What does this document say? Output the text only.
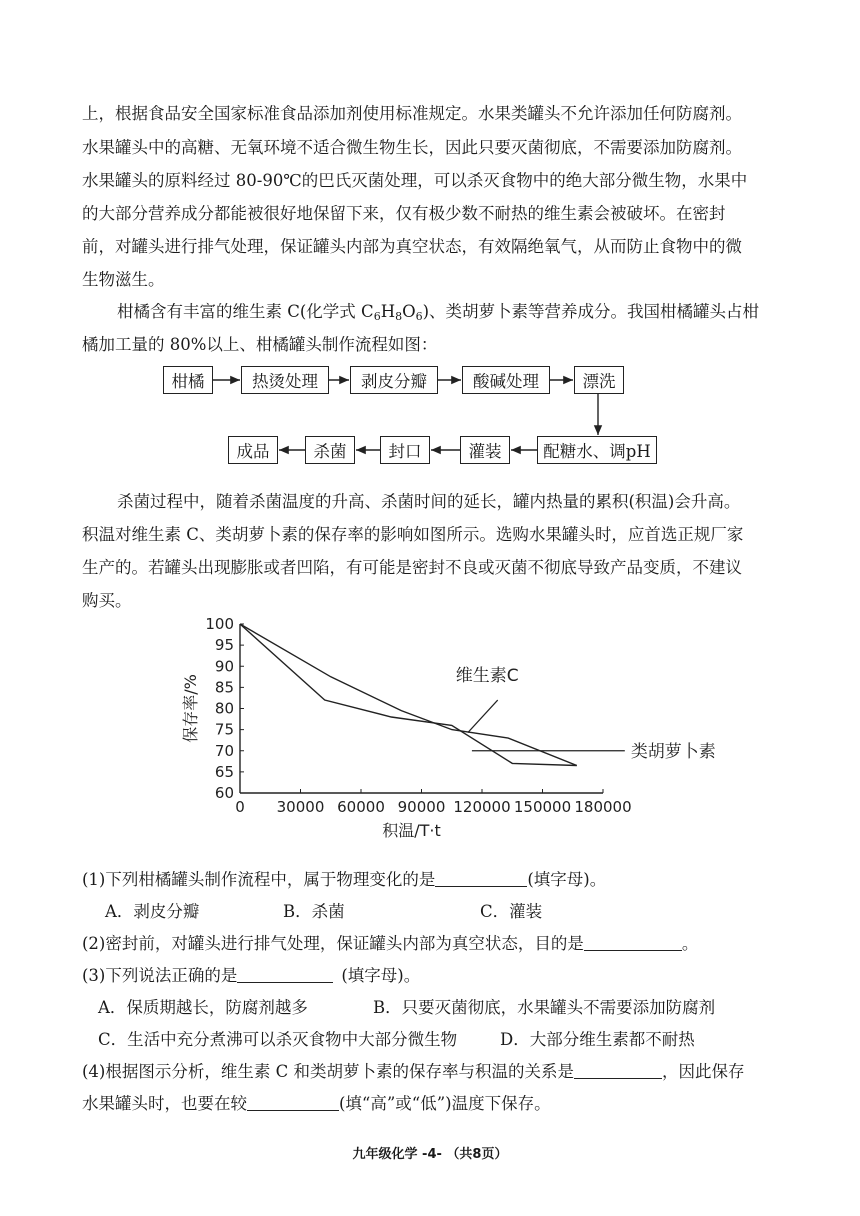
上，根据食品安全国家标准食品添加剂使用标准规定。水果类罐头不允许添加任何防腐剂。
水果罐头中的高糖、无氧环境不适合微生物生长，因此只要灭菌彻底，不需要添加防腐剂。
水果罐头的原料经过 80-90℃的巴氏灭菌处理，可以杀灭食物中的绝大部分微生物，水果中
的大部分营养成分都能被很好地保留下来，仅有极少数不耐热的维生素会被破坏。在密封
前，对罐头进行排气处理，保证罐头内部为真空状态，有效隔绝氧气，从而防止食物中的微
生物滋生。
柑橘含有丰富的维生素 C(化学式 $C_6H_8O_6$)、类胡萝卜素等营养成分。我国柑橘罐头占柑
橘加工量的 80%以上、柑橘罐头制作流程如图：
柑橘	热烫处理	剥皮分瓣	酸碱处理	漂洗
成品	杀菌	封口	灌装	配糖水、调pH
杀菌过程中，随着杀菌温度的升高、杀菌时间的延长，罐内热量的累积(积温)会升高。
积温对维生素 C、类胡萝卜素的保存率的影响如图所示。选购水果罐头时，应首选正规厂家
生产的。若罐头出现膨胀或者凹陷，有可能是密封不良或灭菌不彻底导致产品变质，不建议
购买。
60
65
70
75
80
85
90
95
100
0 30000 60000 90000 120000 150000 180000
保存率/%
积温/T·t
维生素C
类胡萝卜素
(1)下列柑橘罐头制作流程中，属于物理变化的是	(填字母)。
A．剥皮分瓣	B．杀菌	C．灌装
(2)密封前，对罐头进行排气处理，保证罐头内部为真空状态，目的是	。
(3)下列说法正确的是	(填字母)。
A．保质期越长，防腐剂越多	B．只要灭菌彻底，水果罐头不需要添加防腐剂
C．生活中充分煮沸可以杀灭食物中大部分微生物	D．大部分维生素都不耐热
(4)根据图示分析，维生素 C 和类胡萝卜素的保存率与积温的关系是	，因此保存
水果罐头时，也要在较	(填“高”或“低”)温度下保存。
九年级化学 -4- （共8页）
